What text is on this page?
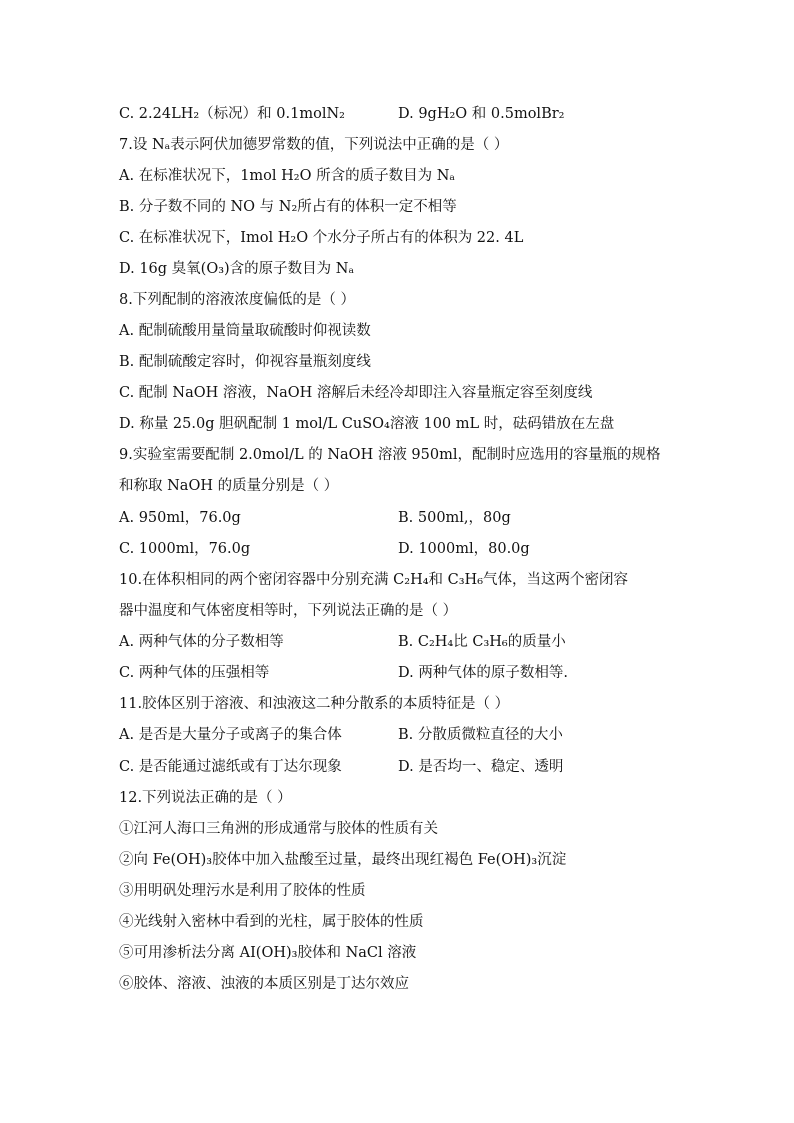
C. 2.24LH₂（标况）和 0.1molN₂	D. 9gH₂O 和 0.5molBr₂
7.设 Nₐ表示阿伏加德罗常数的值，下列说法中正确的是（ ）
A. 在标准状况下，1mol H₂O 所含的质子数目为 Nₐ
B. 分子数不同的 NO 与 N₂所占有的体积一定不相等
C. 在标准状况下，Imol H₂O 个水分子所占有的体积为 22. 4L
D. 16g 臭氧(O₃)含的原子数目为 Nₐ
8.下列配制的溶液浓度偏低的是（ ）
A. 配制硫酸用量筒量取硫酸时仰视读数
B. 配制硫酸定容时，仰视容量瓶刻度线
C. 配制 NaOH 溶液，NaOH 溶解后未经冷却即注入容量瓶定容至刻度线
D. 称量 25.0g 胆矾配制 1 mol/L CuSO₄溶液 100 mL 时，砝码错放在左盘
9.实验室需要配制 2.0mol/L 的 NaOH 溶液 950ml，配制时应选用的容量瓶的规格
和称取 NaOH 的质量分别是（ ）
A. 950ml，76.0g	B. 500ml,，80g
C. 1000ml，76.0g	D. 1000ml，80.0g
10.在体积相同的两个密闭容器中分别充满 C₂H₄和 C₃H₆气体，当这两个密闭容
器中温度和气体密度相等时，下列说法正确的是（ ）
A. 两种气体的分子数相等	B. C₂H₄比 C₃H₆的质量小
C. 两种气体的压强相等	D. 两种气体的原子数相等.
11.胶体区别于溶液、和浊液这二种分散系的本质特征是（ ）
A. 是否是大量分子或离子的集合体	B. 分散质微粒直径的大小
C. 是否能通过滤纸或有丁达尔现象	D. 是否均一、稳定、透明
12.下列说法正确的是（ ）
①江河人海口三角洲的形成通常与胶体的性质有关
②向 Fe(OH)₃胶体中加入盐酸至过量，最终出现红褐色 Fe(OH)₃沉淀
③用明矾处理污水是利用了胶体的性质
④光线射入密林中看到的光柱，属于胶体的性质
⑤可用渗析法分离 AI(OH)₃胶体和 NaCl 溶液
⑥胶体、溶液、浊液的本质区别是丁达尔效应
